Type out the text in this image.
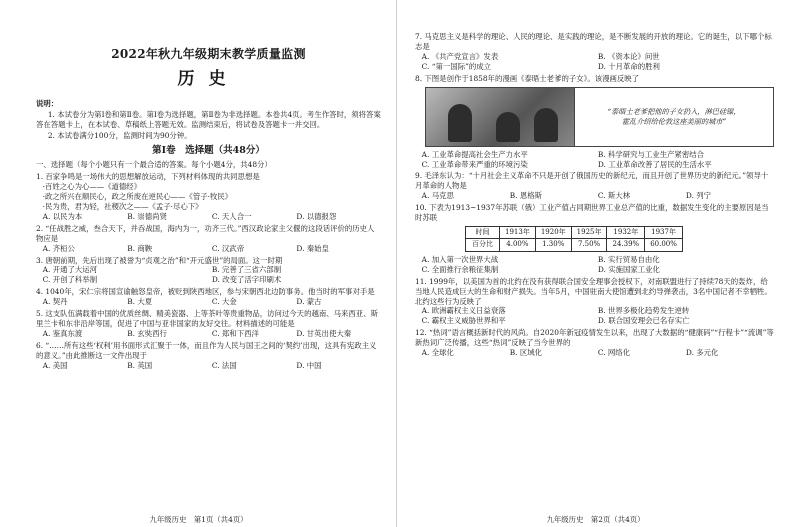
2022年秋九年级期末教学质量监测
历史
说明：
1. 本试卷分为第Ⅰ卷和第Ⅱ卷。第Ⅰ卷为选择题，第Ⅱ卷为非选择题。本卷共4页。考生作答时，须将答案答在答题卡上，在本试卷、草稿纸上答题无效。监测结束后，将试卷及答题卡一并交回。
2. 本试卷满分100分，监测时间为90分钟。
第Ⅰ卷　选择题（共48分）
一、选择题（每个小题只有一个最合适的答案。每个小题4分，共48分）
1. 百家争鸣是一场伟大的思想解放运动，下列材料体现的共同思想是
·百姓之心为心——《道德经》
·政之所兴在顺民心，政之所废在逆民心——《管子·牧民》
·民为贵，君为轻，社稷次之——《孟子·尽心下》
A. 以民为本	B. 崇德尚贤	C. 天人合一	D. 以德报怨
2. “任战胜之威，叁合天下，并吞战国，海内为一，功齐三代。”西汉政论家主父偃的这段话评价的历史人物应是
A. 齐桓公	B. 商鞅	C. 汉武帝	D. 秦始皇
3. 唐朝前期，先后出现了被誉为“贞观之治”和“开元盛世”的局面。这一时期
A. 开通了大运河	B. 完善了三省六部制
C. 开创了科举制	D. 改变了活字印刷术
4. 1040年，宋仁宗将国宣谕触怒皇帝，被贬到陕西地区，参与宋朝西北边防事务。他当时的军事对手是
A. 契丹	B. 大夏	C. 大金	D. 蒙古
5. 这支队伍满载着中国的优质丝绸、精美瓷器、上等茶叶等贵重物品，访问过今天的越南、马来西亚、斯里兰卡和东非沿岸等国，促进了中国与亚非国家的友好交往。材料描述的可能是
A. 鉴真东渡	B. 玄奘西行	C. 郑和下西洋	D. 甘英出使大秦
6. “……所有这些‘权利’用书面形式汇聚于一体，而且作为人民与国王之间的‘契约’出现，这具有宪政主义的意义。”由此推断这一文件出现于
A. 美国	B. 英国	C. 法国	D. 中国
九年级历史　第1页（共4页）
7. 马克思主义是科学的理论、人民的理论、是实践的理论，是不断发展的开放的理论。它的诞生，以下哪个标志是
A. 《共产党宣言》发表	B. 《资本论》问世
C. “第一国际”的成立	D. 十月革命的胜利
8. 下图是创作于1858年的漫画《泰晤士老爹的子女》。该漫画反映了
“泰晤士老爹把他的子女扔入，淋巴硅镍，
霍乱介绍给伦敦这座美丽的城市”
A. 工业革命提高社会生产力水平	B. 科学研究与工业生产紧密结合
C. 工业革命带来严重的环境污染	D. 工业革命改善了居民的生活水平
9. 毛泽东认为：“十月社会主义革命不只是开创了俄国历史的新纪元，而且开创了世界历史的新纪元。”领导十月革命的人物是
A. 马克思	B. 恩格斯	C. 斯大林	D. 列宁
10. 下表为1913~1937年苏联（俄）工业产值占同期世界工业总产值的比重，数据发生变化的主要原因是当时苏联
时间	1913年	1920年	1925年	1932年	1937年
百分比	4.00%	1.30%	7.50%	24.39%	60.00%
A. 加入第一次世界大战	B. 实行贸易自由化
C. 全面推行余粮征集制	D. 实施国家工业化
11. 1999年，以美国为首的北约在没有获得联合国安全理事会授权下，对南联盟进行了持续78天的轰炸，给当地人民造成巨大的生命和财产损失。当年5月，中国驻南大使馆遭到北约导弹袭击，3名中国记者不幸牺牲。北约这些行为反映了
A. 欧洲霸权主义日益衰落	B. 世界多极化趋势发生逆转
C. 霸权主义威胁世界和平	D. 联合国安理会已名存实亡
12. “热词”语言概括新时代的风尚。自2020年新冠疫情发生以来，出现了大数据的“健康码”“行程卡”“流调”等新热词广泛传播，这些“热词”反映了当今世界的
A. 全球化	B. 区域化	C. 网络化	D. 多元化
九年级历史　第2页（共4页）
